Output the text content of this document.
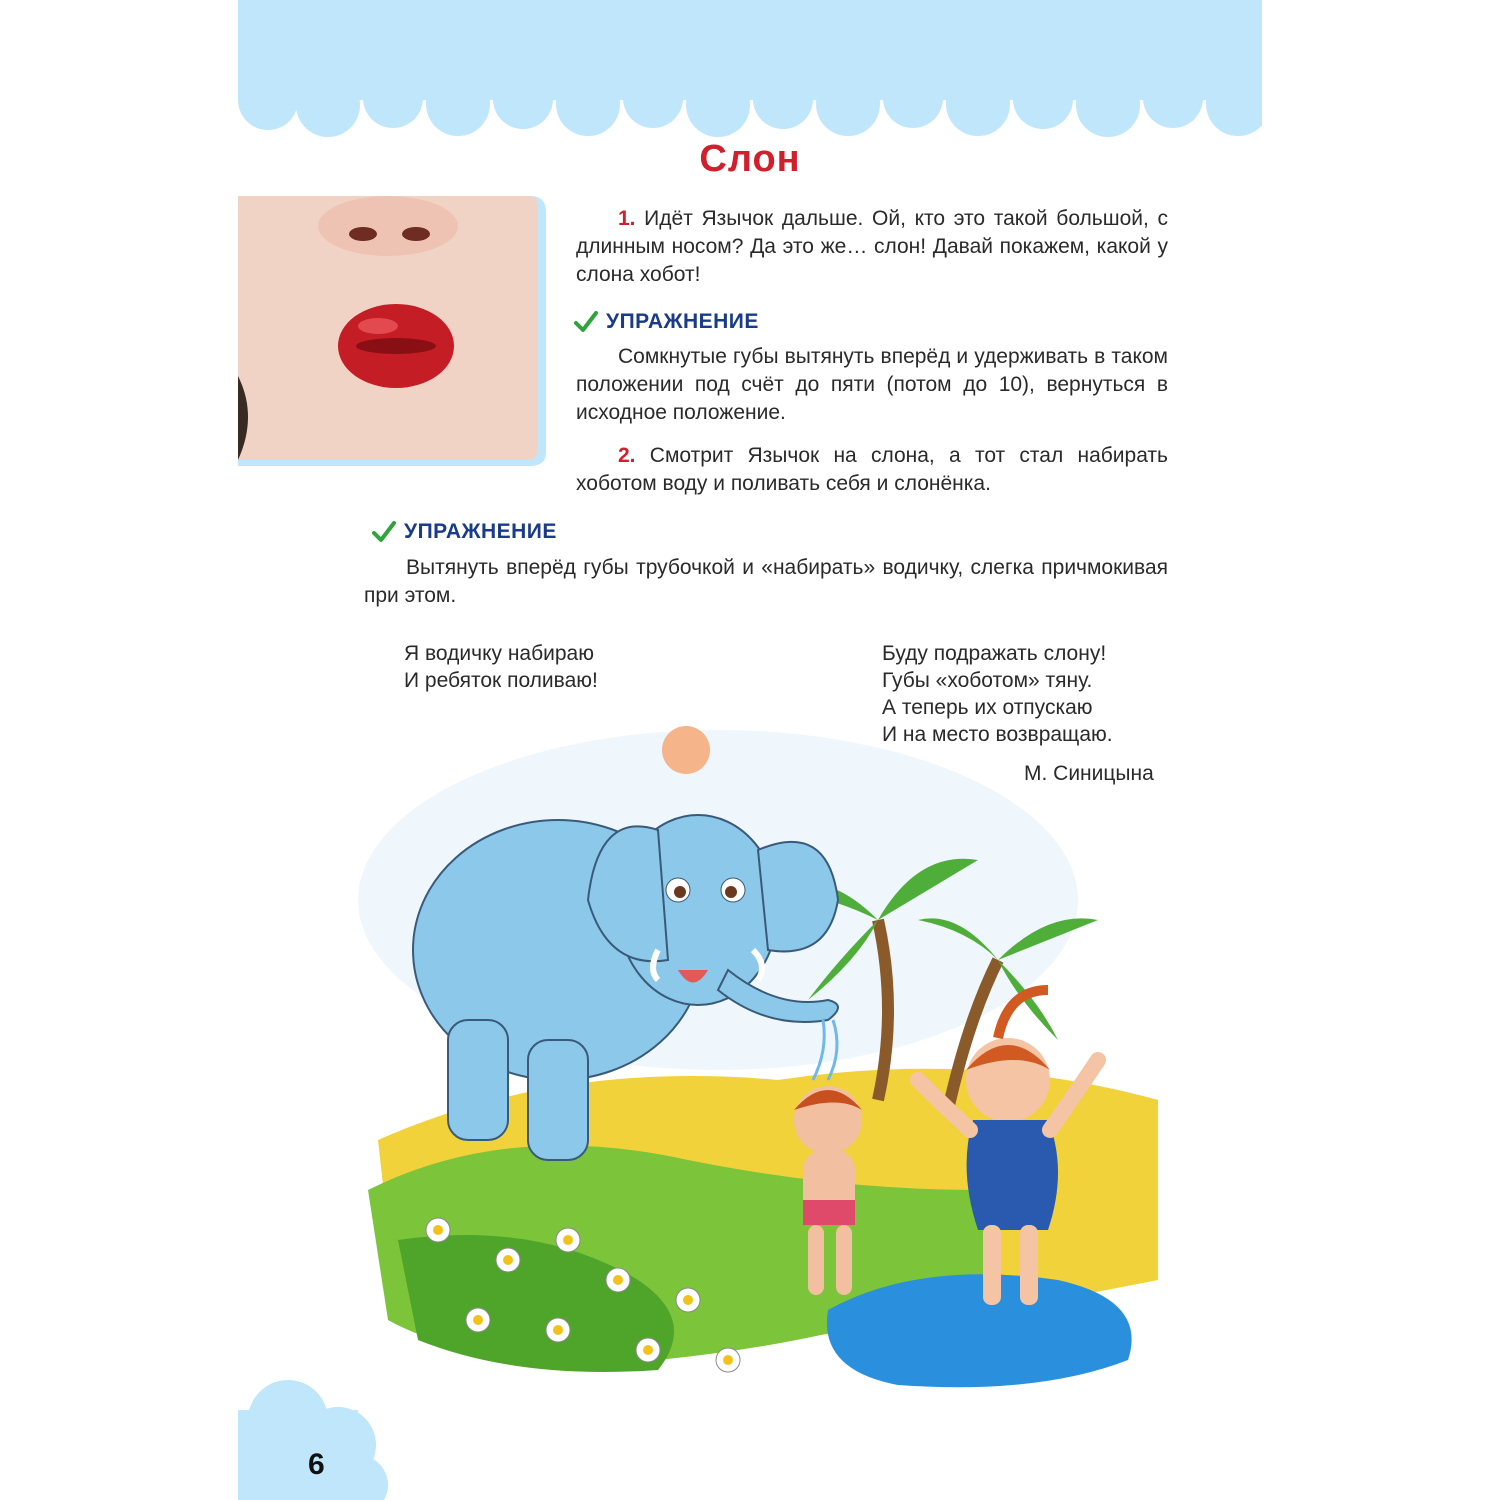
Слон

1. Идёт Язычок дальше. Ой, кто это такой большой, с длинным носом? Да это же… слон! Давай покажем, какой у слона хобот!

УПРАЖНЕНИЕ

Сомкнутые губы вытянуть вперёд и удерживать в таком положении под счёт до пяти (потом до 10), вернуться в исходное положение.

2. Смотрит Язычок на слона, а тот стал набирать хоботом воду и поливать себя и слонёнка.

УПРАЖНЕНИЕ

Вытянуть вперёд губы трубочкой и «набирать» водичку, слегка причмокивая при этом.

Я водичку набираю
И ребяток поливаю!
Буду подражать слону!
Губы «хоботом» тяну.
А теперь их отпускаю
И на место возвращаю.
М. Синицына
6
